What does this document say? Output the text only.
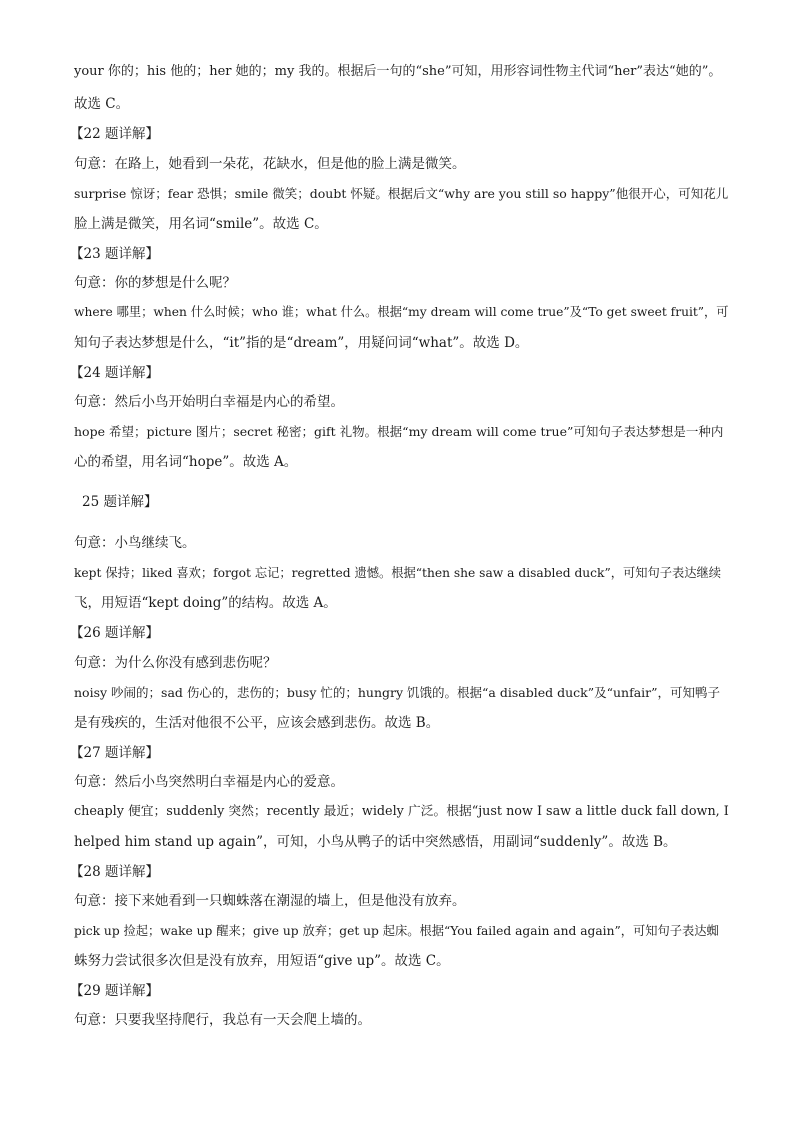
your 你的；his 他的；her 她的；my 我的。根据后一句的“she”可知，用形容词性物主代词“her”表达“她的”。
故选 C。
【22 题详解】
句意：在路上，她看到一朵花，花缺水，但是他的脸上满是微笑。
surprise 惊讶；fear 恐惧；smile 微笑；doubt 怀疑。根据后文“why are you still so happy”他很开心，可知花儿
脸上满是微笑，用名词“smile”。故选 C。
【23 题详解】
句意：你的梦想是什么呢？
where 哪里；when 什么时候；who 谁；what 什么。根据“my dream will come true”及“To get sweet fruit”，可
知句子表达梦想是什么，“it”指的是“dream”，用疑问词“what”。故选 D。
【24 题详解】
句意：然后小鸟开始明白幸福是内心的希望。
hope 希望；picture 图片；secret 秘密；gift 礼物。根据“my dream will come true”可知句子表达梦想是一种内
心的希望，用名词“hope”。故选 A。
25 题详解】
句意：小鸟继续飞。
kept 保持；liked 喜欢；forgot 忘记；regretted 遗憾。根据“then she saw a disabled duck”，可知句子表达继续
飞，用短语“kept doing”的结构。故选 A。
【26 题详解】
句意：为什么你没有感到悲伤呢？
noisy 吵闹的；sad 伤心的，悲伤的；busy 忙的；hungry 饥饿的。根据“a disabled duck”及“unfair”，可知鸭子
是有残疾的，生活对他很不公平，应该会感到悲伤。故选 B。
【27 题详解】
句意：然后小鸟突然明白幸福是内心的爱意。
cheaply 便宜；suddenly 突然；recently 最近；widely 广泛。根据“just now I saw a little duck fall down, I
helped him stand up again”，可知，小鸟从鸭子的话中突然感悟，用副词“suddenly”。故选 B。
【28 题详解】
句意：接下来她看到一只蜘蛛落在潮湿的墙上，但是他没有放弃。
pick up 捡起；wake up 醒来；give up 放弃；get up 起床。根据“You failed again and again”，可知句子表达蜘
蛛努力尝试很多次但是没有放弃，用短语“give up”。故选 C。
【29 题详解】
句意：只要我坚持爬行，我总有一天会爬上墙的。
